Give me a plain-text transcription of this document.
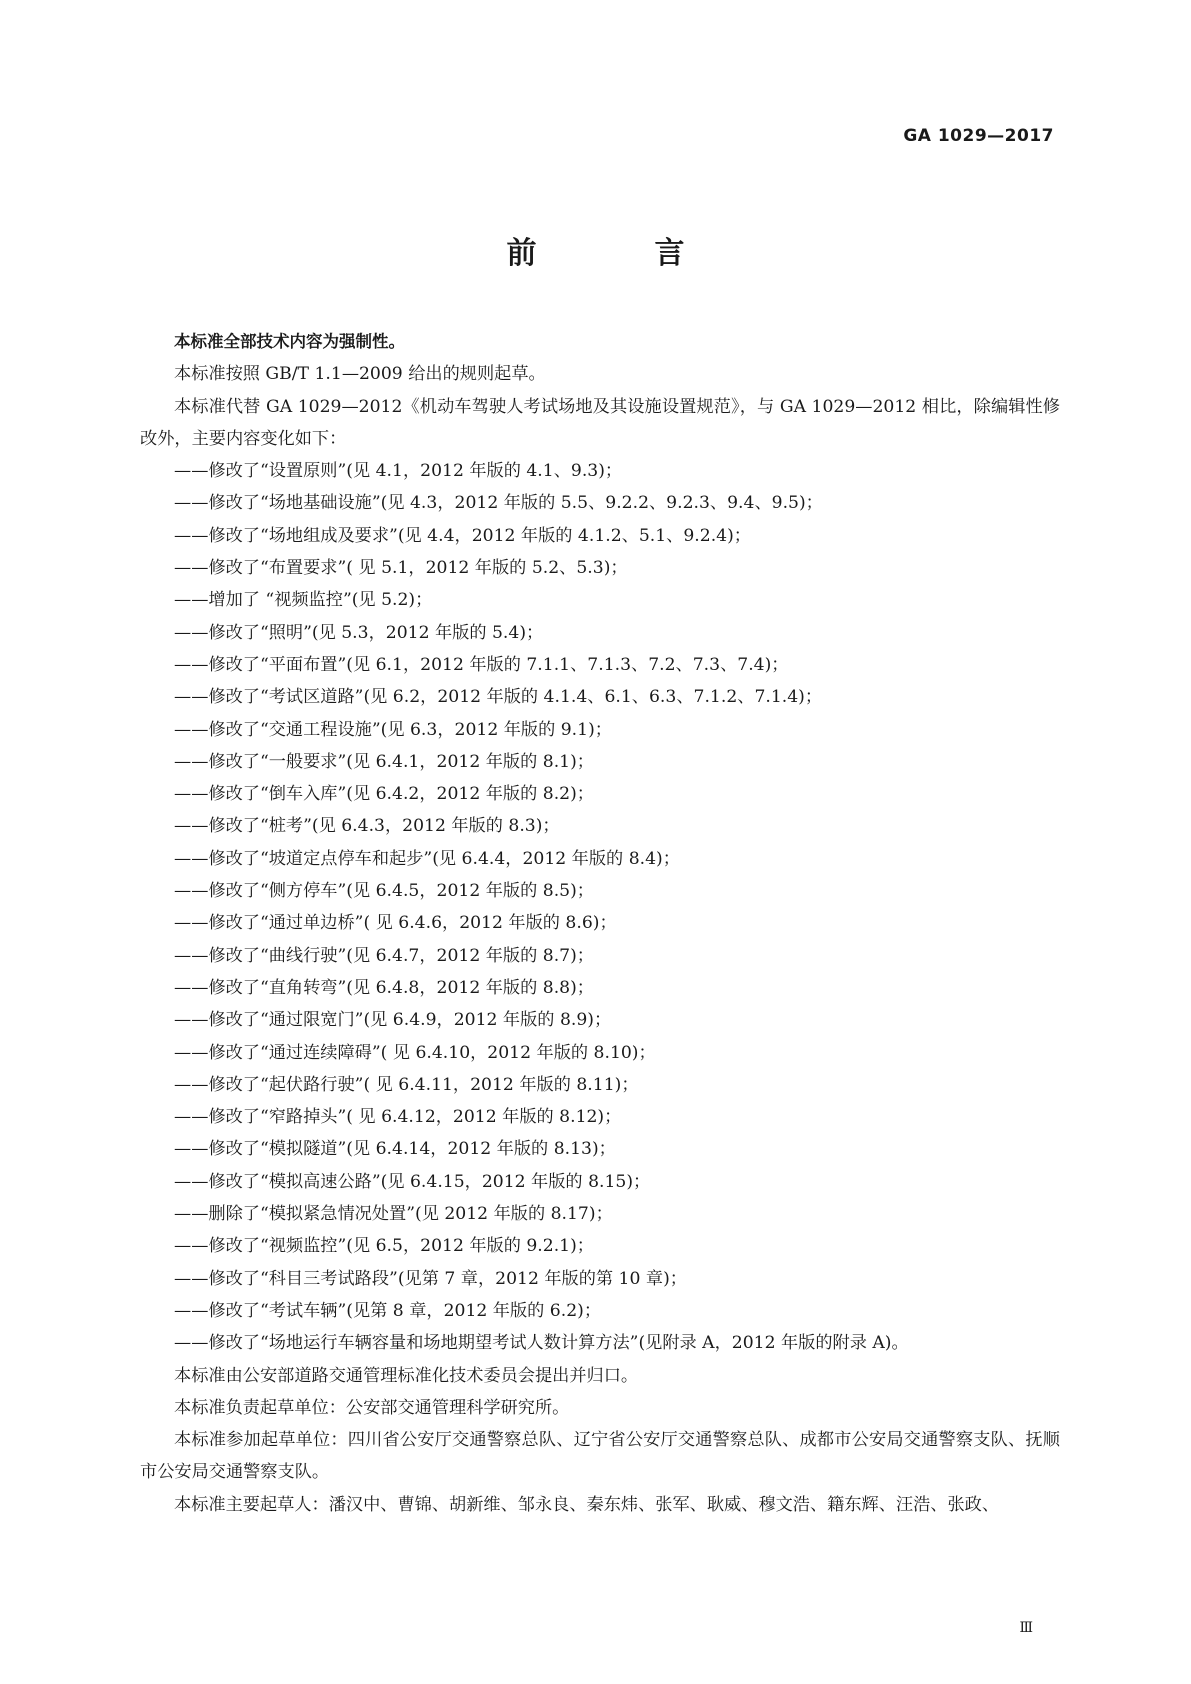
GA 1029—2017
前　言

本标准全部技术内容为强制性。

本标准按照 GB/T 1.1—2009 给出的规则起草。

本标准代替 GA 1029—2012《机动车驾驶人考试场地及其设施设置规范》，与 GA 1029—2012 相比，除编辑性修改外，主要内容变化如下：

——修改了“设置原则”(见 4.1，2012 年版的 4.1、9.3)；

——修改了“场地基础设施”(见 4.3，2012 年版的 5.5、9.2.2、9.2.3、9.4、9.5)；

——修改了“场地组成及要求”(见 4.4，2012 年版的 4.1.2、5.1、9.2.4)；

——修改了“布置要求”( 见 5.1，2012 年版的 5.2、5.3)；

——增加了 “视频监控”(见 5.2)；

——修改了“照明”(见 5.3，2012 年版的 5.4)；

——修改了“平面布置”(见 6.1，2012 年版的 7.1.1、7.1.3、7.2、7.3、7.4)；

——修改了“考试区道路”(见 6.2，2012 年版的 4.1.4、6.1、6.3、7.1.2、7.1.4)；

——修改了“交通工程设施”(见 6.3，2012 年版的 9.1)；

——修改了“一般要求”(见 6.4.1，2012 年版的 8.1)；

——修改了“倒车入库”(见 6.4.2，2012 年版的 8.2)；

——修改了“桩考”(见 6.4.3，2012 年版的 8.3)；

——修改了“坡道定点停车和起步”(见 6.4.4，2012 年版的 8.4)；

——修改了“侧方停车”(见 6.4.5，2012 年版的 8.5)；

——修改了“通过单边桥”( 见 6.4.6，2012 年版的 8.6)；

——修改了“曲线行驶”(见 6.4.7，2012 年版的 8.7)；

——修改了“直角转弯”(见 6.4.8，2012 年版的 8.8)；

——修改了“通过限宽门”(见 6.4.9，2012 年版的 8.9)；

——修改了“通过连续障碍”( 见 6.4.10，2012 年版的 8.10)；

——修改了“起伏路行驶”( 见 6.4.11，2012 年版的 8.11)；

——修改了“窄路掉头”( 见 6.4.12，2012 年版的 8.12)；

——修改了“模拟隧道”(见 6.4.14，2012 年版的 8.13)；

——修改了“模拟高速公路”(见 6.4.15，2012 年版的 8.15)；

——删除了“模拟紧急情况处置”(见 2012 年版的 8.17)；

——修改了“视频监控”(见 6.5，2012 年版的 9.2.1)；

——修改了“科目三考试路段”(见第 7 章，2012 年版的第 10 章)；

——修改了“考试车辆”(见第 8 章，2012 年版的 6.2)；

——修改了“场地运行车辆容量和场地期望考试人数计算方法”(见附录 A，2012 年版的附录 A)。

本标准由公安部道路交通管理标准化技术委员会提出并归口。

本标准负责起草单位：公安部交通管理科学研究所。

本标准参加起草单位：四川省公安厅交通警察总队、辽宁省公安厅交通警察总队、成都市公安局交通警察支队、抚顺市公安局交通警察支队。

本标准主要起草人：潘汉中、曹锦、胡新维、邹永良、秦东炜、张军、耿威、穆文浩、籍东辉、汪浩、张政、

Ⅲ
